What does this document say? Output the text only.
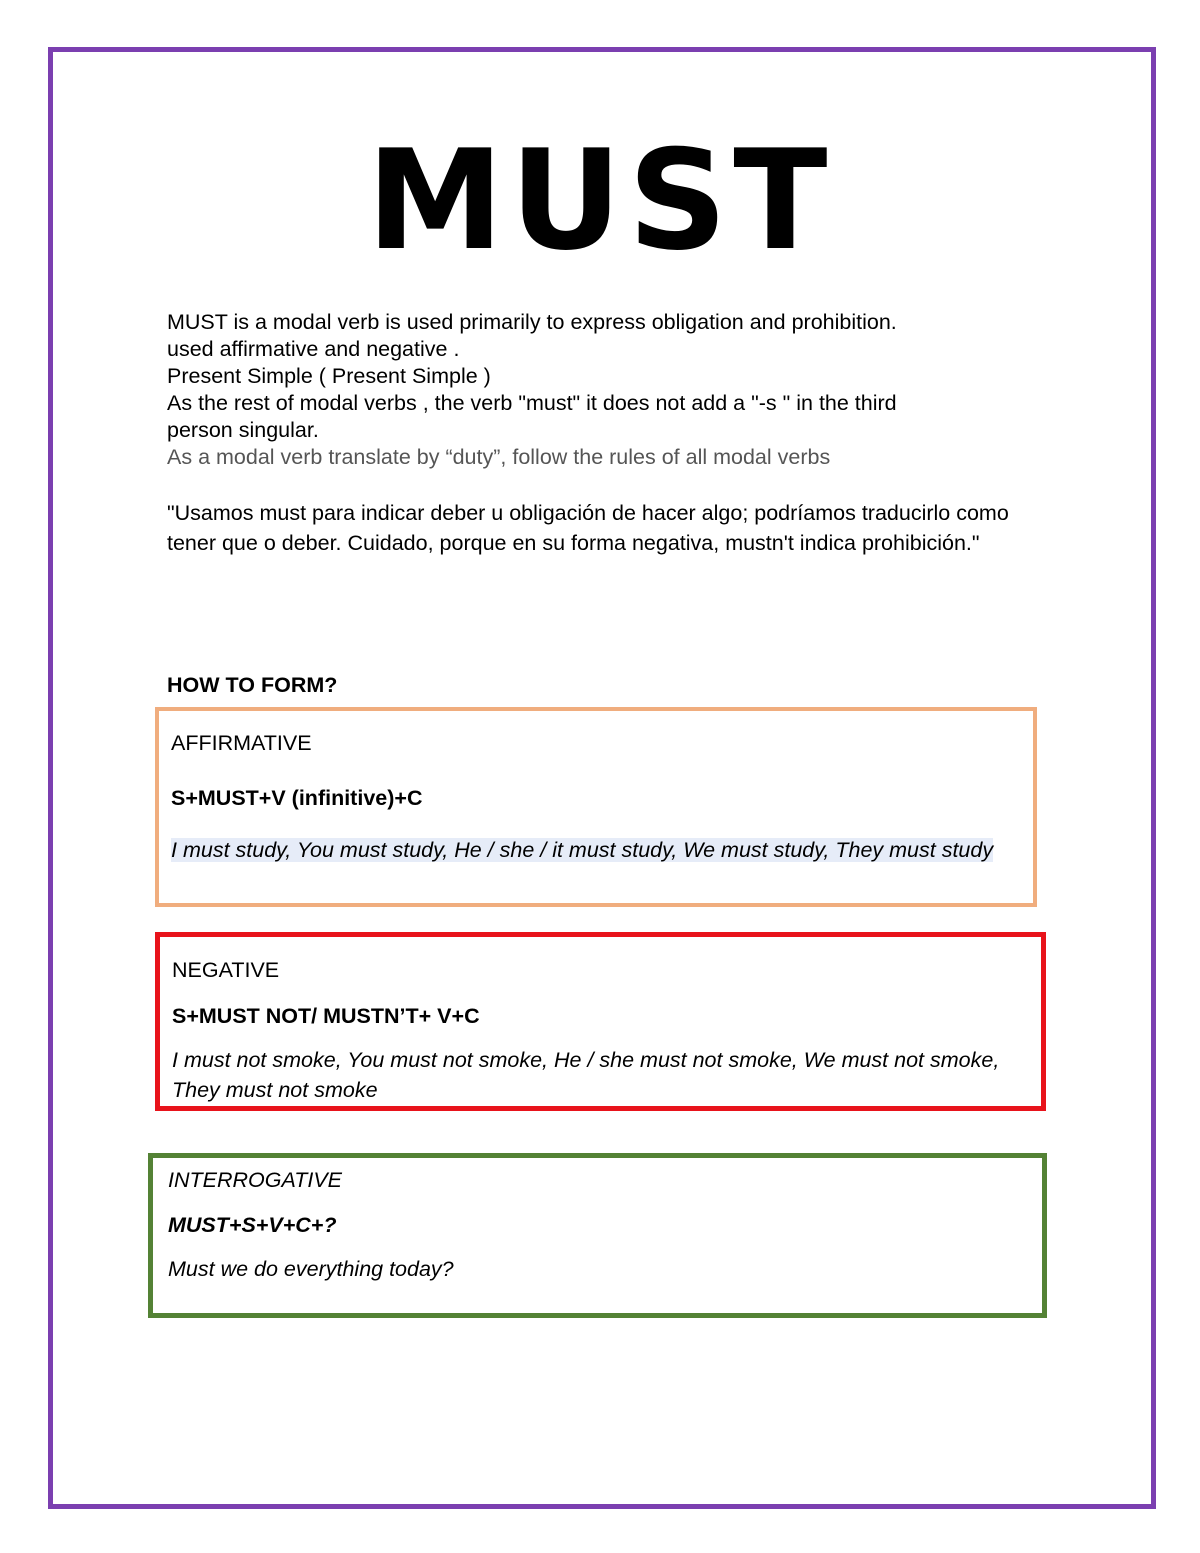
MUST
MUST is a modal verb is used primarily to express obligation and prohibition.
used affirmative and negative .
Present Simple ( Present Simple )
As the rest of modal verbs , the verb "must" it does not add a "-s " in the third
person singular.
As a modal verb translate by “duty”, follow the rules of all modal verbs
"Usamos must para indicar deber u obligación de hacer algo; podríamos traducirlo como tener que o deber. Cuidado, porque en su forma negativa, mustn't indica prohibición."
HOW TO FORM?
AFFIRMATIVE
S+MUST+V (infinitive)+C
I must study, You must study, He / she / it must study, We must study, They must study
NEGATIVE
S+MUST NOT/ MUSTN’T+ V+C
I must not smoke, You must not smoke, He / she must not smoke, We must not smoke, They must not smoke
INTERROGATIVE
MUST+S+V+C+?
Must we do everything today?
